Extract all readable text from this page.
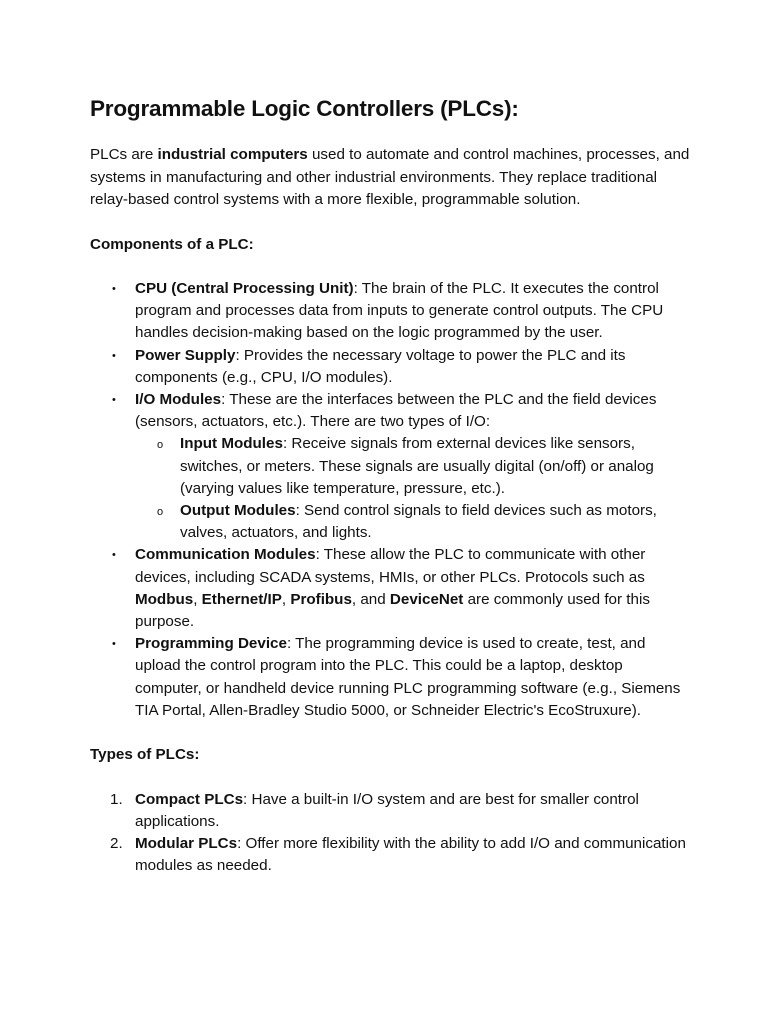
Programmable Logic Controllers (PLCs):

PLCs are industrial computers used to automate and control machines, processes, and systems in manufacturing and other industrial environments. They replace traditional relay-based control systems with a more flexible, programmable solution.

Components of a PLC:

• CPU (Central Processing Unit): The brain of the PLC. It executes the control program and processes data from inputs to generate control outputs. The CPU handles decision-making based on the logic programmed by the user.
• Power Supply: Provides the necessary voltage to power the PLC and its components (e.g., CPU, I/O modules).
• I/O Modules: These are the interfaces between the PLC and the field devices (sensors, actuators, etc.). There are two types of I/O:
o Input Modules: Receive signals from external devices like sensors, switches, or meters. These signals are usually digital (on/off) or analog (varying values like temperature, pressure, etc.).
o Output Modules: Send control signals to field devices such as motors, valves, actuators, and lights.
• Communication Modules: These allow the PLC to communicate with other devices, including SCADA systems, HMIs, or other PLCs. Protocols such as Modbus, Ethernet/IP, Profibus, and DeviceNet are commonly used for this purpose.
• Programming Device: The programming device is used to create, test, and upload the control program into the PLC. This could be a laptop, desktop computer, or handheld device running PLC programming software (e.g., Siemens TIA Portal, Allen-Bradley Studio 5000, or Schneider Electric's EcoStruxure).

Types of PLCs:

1. Compact PLCs: Have a built-in I/O system and are best for smaller control applications.
2. Modular PLCs: Offer more flexibility with the ability to add I/O and communication modules as needed.
